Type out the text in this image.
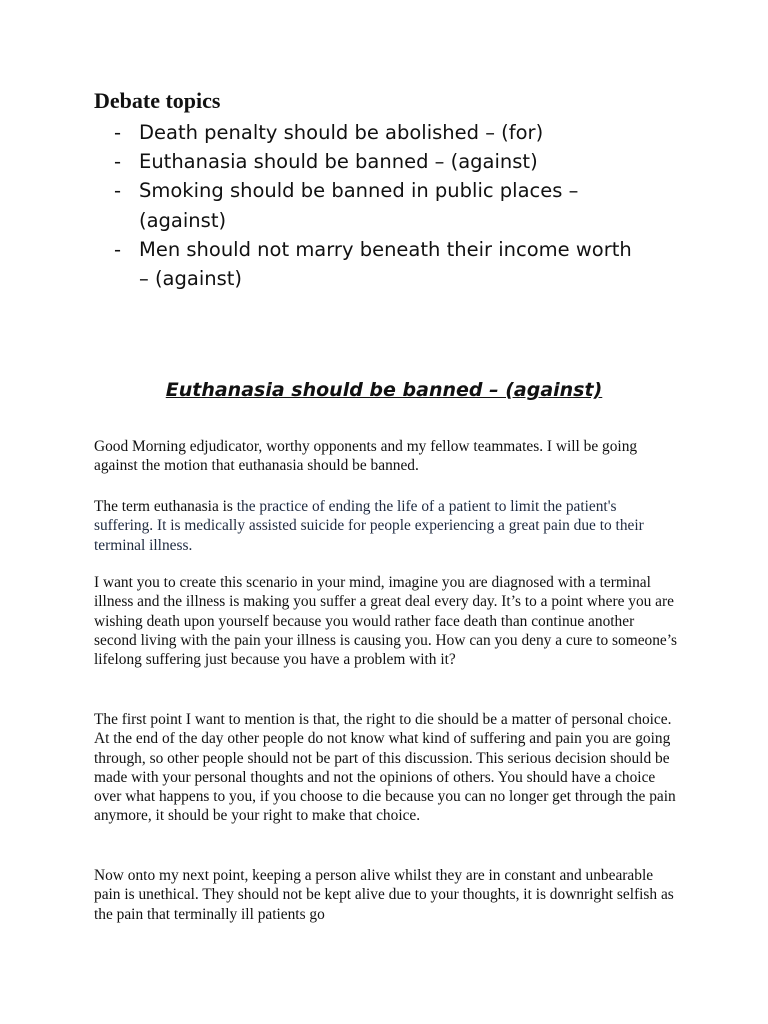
Debate topics
- Death penalty should be abolished – (for)
- Euthanasia should be banned – (against)
- Smoking should be banned in public places – (against)
- Men should not marry beneath their income worth – (against)
Euthanasia should be banned – (against)

Good Morning edjudicator, worthy opponents and my fellow teammates. I will be going against the motion that euthanasia should be banned.

The term euthanasia is the practice of ending the life of a patient to limit the patient's suffering. It is medically assisted suicide for people experiencing a great pain due to their terminal illness.

I want you to create this scenario in your mind, imagine you are diagnosed with a terminal illness and the illness is making you suffer a great deal every day. It’s to a point where you are wishing death upon yourself because you would rather face death than continue another second living with the pain your illness is causing you. How can you deny a cure to someone’s lifelong suffering just because you have a problem with it?

The first point I want to mention is that, the right to die should be a matter of personal choice. At the end of the day other people do not know what kind of suffering and pain you are going through, so other people should not be part of this discussion. This serious decision should be made with your personal thoughts and not the opinions of others. You should have a choice over what happens to you, if you choose to die because you can no longer get through the pain anymore, it should be your right to make that choice.

Now onto my next point, keeping a person alive whilst they are in constant and unbearable pain is unethical. They should not be kept alive due to your thoughts, it is downright selfish as the pain that terminally ill patients go
